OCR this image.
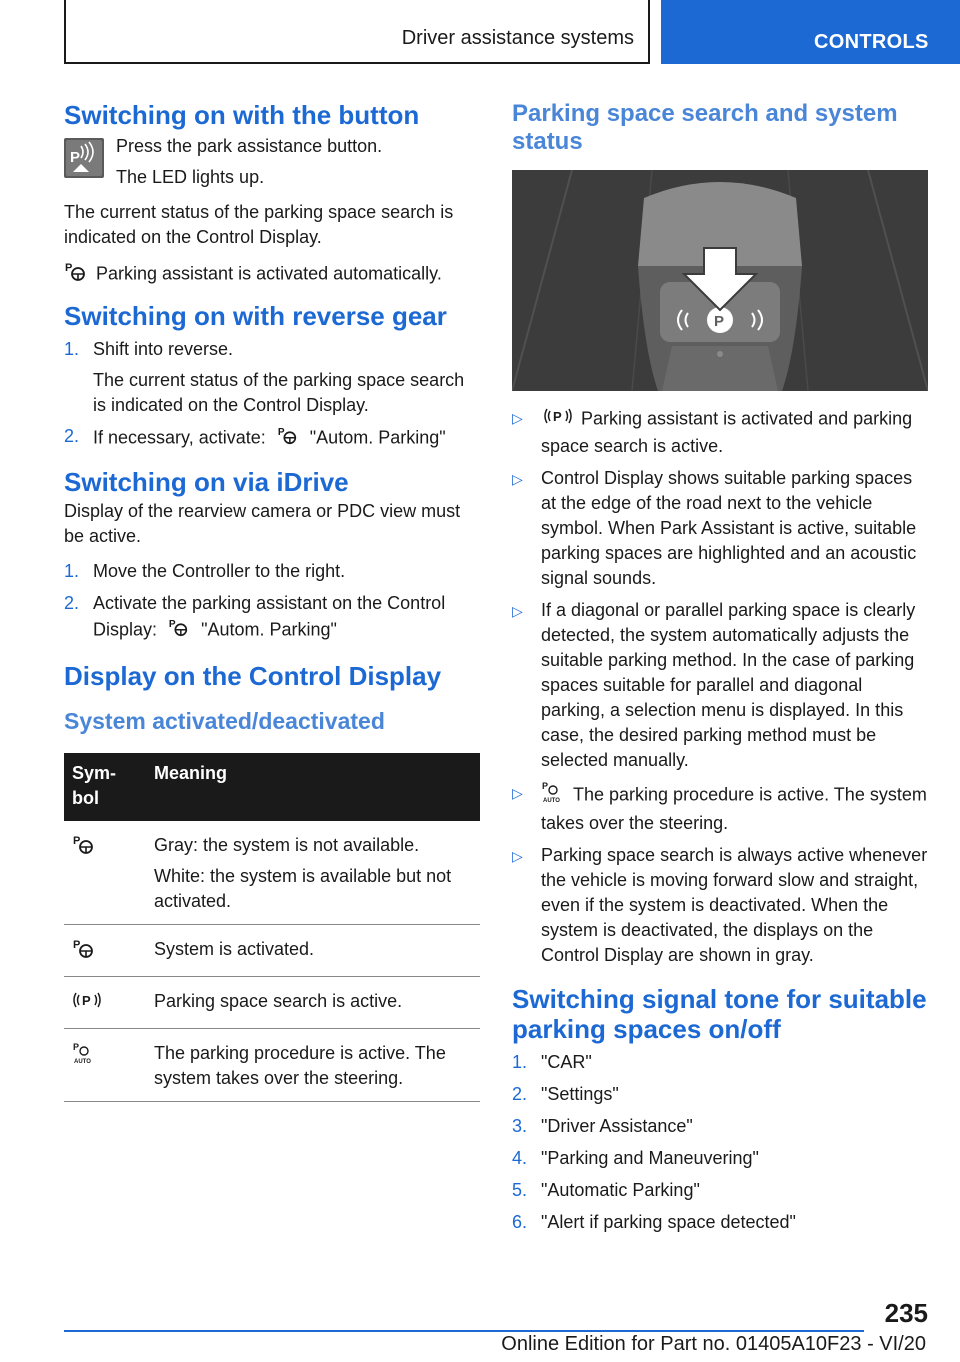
Driver assistance systems	CONTROLS
Switching on with the button
P

Press the park assistance button.

The LED lights up.

The current status of the parking space search is indicated on the Control Display.

P Parking assistant is activated automatically.

Switching on with reverse gear
1. Shift into reverse.
The current status of the parking space search is indicated on the Control Display.
2. If necessary, activate: P "Autom. Parking"
Switching on via iDrive

Display of the rearview camera or PDC view must be active.

1. Move the Controller to the right.
2. Activate the parking assistant on the Control Display: P "Autom. Parking"
Display on the Control Display
System activated/deactivated
Sym-
bol	Meaning

P	Gray: the system is not available.
White: the system is available but not activated.

P	System is activated.

P	Parking space search is active.

P
AUTO	The parking procedure is active. The system takes over the steering.
Parking space search and system status
P
▷	P Parking assistant is activated and parking space search is active.
▷	Control Display shows suitable parking spaces at the edge of the road next to the vehicle symbol. When Park Assistant is active, suitable parking spaces are highlighted and an acoustic signal sounds.
▷	If a diagonal or parallel parking space is clearly detected, the system automatically adjusts the suitable parking method. In the case of parking spaces suitable for parallel and diagonal parking, a selection menu is displayed. In this case, the desired parking method must be selected manually.
▷	P
AUTO The parking procedure is active. The system takes over the steering.
▷	Parking space search is always active whenever the vehicle is moving forward slow and straight, even if the system is deactivated. When the system is deactivated, the displays on the Control Display are shown in gray.
Switching signal tone for suitable parking spaces on/off
1. "CAR"
2. "Settings"
3. "Driver Assistance"
4. "Parking and Maneuvering"
5. "Automatic Parking"
6. "Alert if parking space detected"
235
Online Edition for Part no. 01405A10F23 - VI/20
